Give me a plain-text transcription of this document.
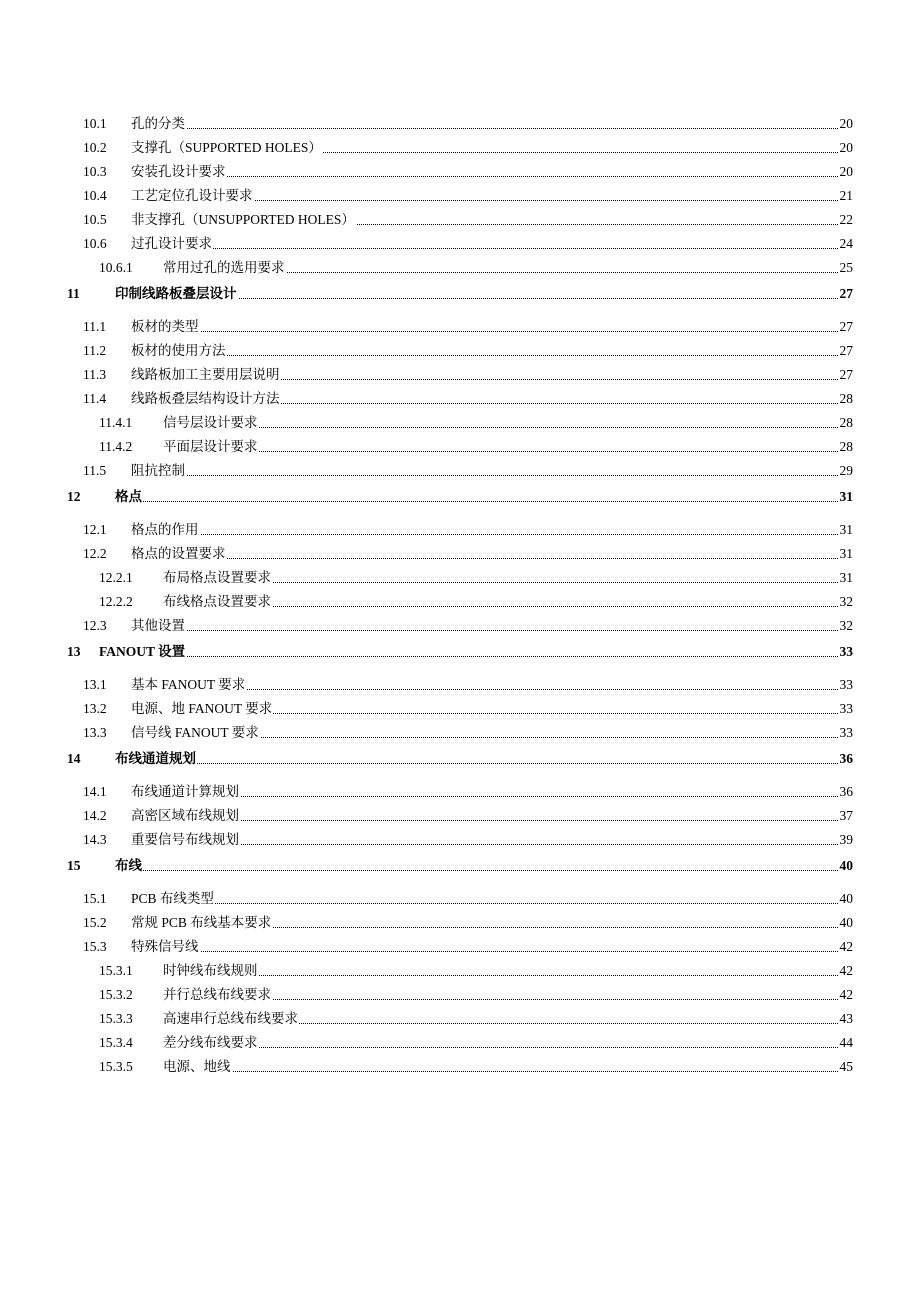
10.1 孔的分类	20
10.2 支撑孔（SUPPORTED HOLES）	20
10.3 安装孔设计要求	20
10.4 工艺定位孔设计要求	21
10.5 非支撑孔（UNSUPPORTED HOLES）	22
10.6 过孔设计要求	24
10.6.1 常用过孔的选用要求	25
11	印制线路板叠层设计	27
11.1 板材的类型	27
11.2 板材的使用方法	27
11.3 线路板加工主要用层说明	27
11.4 线路板叠层结构设计方法	28
11.4.1 信号层设计要求	28
11.4.2 平面层设计要求	28
11.5 阻抗控制	29
12	格点	31
12.1 格点的作用	31
12.2 格点的设置要求	31
12.2.1 布局格点设置要求	31
12.2.2 布线格点设置要求	32
12.3 其他设置	32
13 FANOUT 设置	33
13.1 基本 FANOUT 要求	33
13.2 电源、地 FANOUT 要求	33
13.3 信号线 FANOUT 要求	33
14	布线通道规划	36
14.1 布线通道计算规划	36
14.2 高密区域布线规划	37
14.3 重要信号布线规划	39
15	布线	40
15.1 PCB 布线类型	40
15.2 常规 PCB 布线基本要求	40
15.3 特殊信号线	42
15.3.1 时钟线布线规则	42
15.3.2 并行总线布线要求	42
15.3.3 高速串行总线布线要求	43
15.3.4 差分线布线要求	44
15.3.5 电源、地线	45
